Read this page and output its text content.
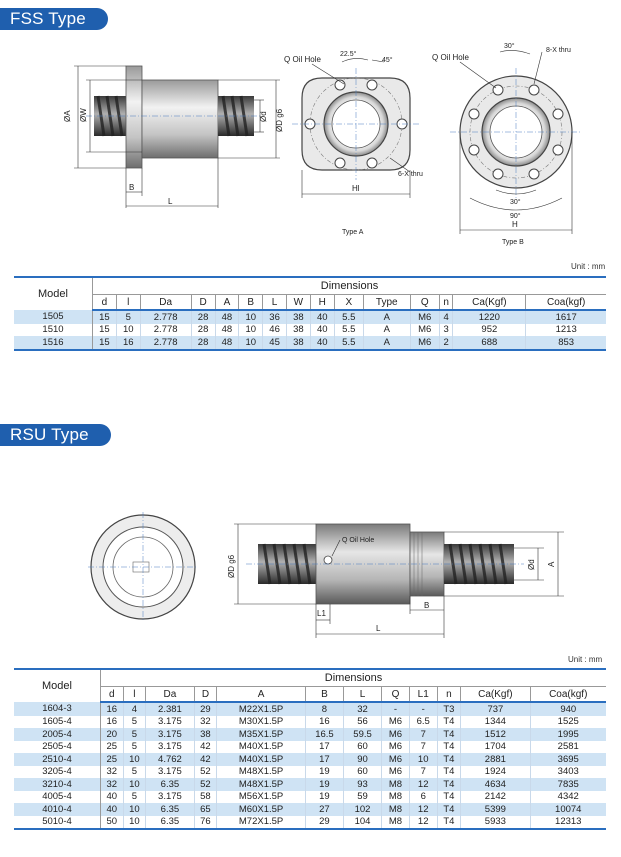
FSS Type
ØA ØW	Ød ØD g6
B
L
Q Oil Hole
22.5°
45°
6-X thru
Hl
Type A
Q Oil Hole
30°
8-X thru
30°
90°
H
Type B
Unit : mm
Model	Dimensions														
	d	l	Da	D	A	B	L	W	H	X	Type	Q	n	Ca(Kgf)	Coa(kgf)
1505	15	5	2.778	28	48	10	36	38	40	5.5	A	M6	4	1220	1617
1510	15	10	2.778	28	48	10	46	38	40	5.5	A	M6	3	952	1213
1516	15	16	2.778	28	48	10	45	38	40	5.5	A	M6	2	688	853
RSU Type
ØD g6
Q Oil Hole
Ød A
L1
B
L
Unit : mm
Model	Dimensions											
	d	l	Da	D	A	B	L	Q	L1	n	Ca(Kgf)	Coa(kgf)
1604-3	16	4	2.381	29	M22X1.5P	8	32	-	-	T3	737	940
1605-4	16	5	3.175	32	M30X1.5P	16	56	M6	6.5	T4	1344	1525
2005-4	20	5	3.175	38	M35X1.5P	16.5	59.5	M6	7	T4	1512	1995
2505-4	25	5	3.175	42	M40X1.5P	17	60	M6	7	T4	1704	2581
2510-4	25	10	4.762	42	M40X1.5P	17	90	M6	10	T4	2881	3695
3205-4	32	5	3.175	52	M48X1.5P	19	60	M6	7	T4	1924	3403
3210-4	32	10	6.35	52	M48X1.5P	19	93	M8	12	T4	4634	7835
4005-4	40	5	3.175	58	M56X1.5P	19	59	M8	6	T4	2142	4342
4010-4	40	10	6.35	65	M60X1.5P	27	102	M8	12	T4	5399	10074
5010-4	50	10	6.35	76	M72X1.5P	29	104	M8	12	T4	5933	12313
